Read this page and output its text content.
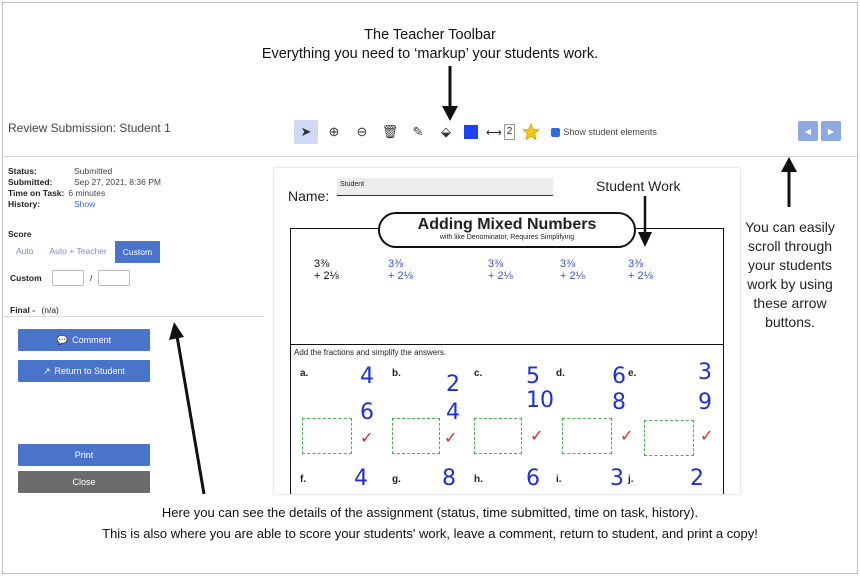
The Teacher Toolbar
Everything you need to ‘markup’ your students work.
Review Submission: Student 1	➤	⊕	⊖	🗑	✎	⬙	⟷ 2	Show student elements	◀	▶
Status:	Submitted
Submitted:	Sep 27, 2021, 8:36 PM
Time on Task: 6 minutes
History:	Show
Score
Auto	Auto + Teacher	Custom
Custom	/
Final - (n/a)
💬 Comment
↗ Return to Student
Print
Close
Name:
Student
Adding Mixed Numbers
with like Denominator, Requires Simplifying
3⅜
+ 2⅛
3⅜
+ 2⅛
3⅜
+ 2⅛
3⅜
+ 2⅛
3⅜
+ 2⅛
Add the fractions and simplify the answers.
a.	b.	c.	d.	e.
4	2	5	6	3
6	4	10	8	9
✓	✓	✓	✓	✓
f.	g.	h.	i.	j.
4	8	6	3	2
Student Work
You can easily scroll through your students work by using these arrow buttons.
Here you can see the details of the assignment (status, time submitted, time on task, history).
This is also where you are able to score your students' work, leave a comment, return to student, and print a copy!
